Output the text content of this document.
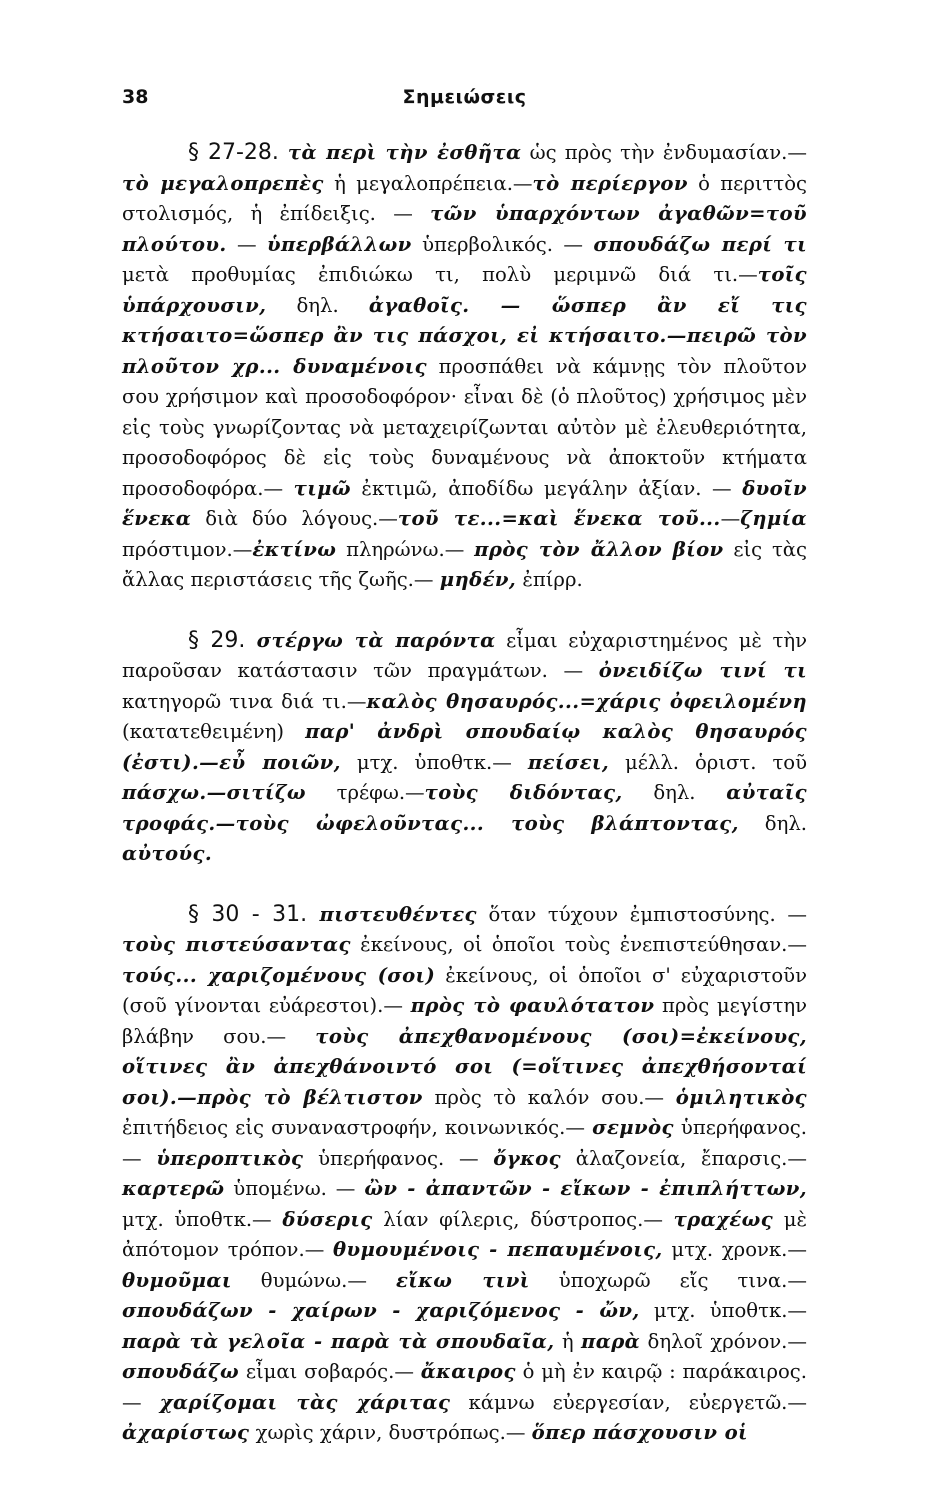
38	Σημειώσεις

§ 27-28. τὰ περὶ τὴν ἐσθῆτα ὡς πρὸς τὴν ἐνδυμασίαν.—τὸ μεγαλοπρεπὲς ἡ μεγαλοπρέπεια.—τὸ περίεργον ὁ περιττὸς στολισμός, ἡ ἐπίδειξις. — τῶν ὑπαρχόντων ἀγαθῶν=τοῦ πλούτου. — ὑπερβάλλων ὑπερβολικός. — σπουδάζω περί τι μετὰ προθυμίας ἐπιδιώκω τι, πολὺ μεριμνῶ διά τι.—τοῖς ὑπάρχουσιν, δηλ. ἀγαθοῖς. — ὥσπερ ἂν εἴ τις κτήσαιτο=ὥσπερ ἂν τις πάσχοι, εἰ κτήσαιτο.—πειρῶ τὸν πλοῦτον χρ... δυναμένοις προσπάθει νὰ κάμνῃς τὸν πλοῦτον σου χρήσιμον καὶ προσοδοφόρον· εἶναι δὲ (ὁ πλοῦτος) χρήσιμος μὲν εἰς τοὺς γνωρίζοντας νὰ μεταχειρίζωνται αὐτὸν μὲ ἐλευθεριότητα, προσοδοφόρος δὲ εἰς τοὺς δυναμένους νὰ ἀποκτοῦν κτήματα προσοδοφόρα.— τιμῶ ἐκτιμῶ, ἀποδίδω μεγάλην ἀξίαν. — δυοῖν ἕνεκα διὰ δύο λόγους.—τοῦ τε...=καὶ ἕνεκα τοῦ...—ζημία πρόστιμον.—ἐκτίνω πληρώνω.— πρὸς τὸν ἄλλον βίον εἰς τὰς ἄλλας περιστάσεις τῆς ζωῆς.— μηδέν, ἐπίρρ.

§ 29. στέργω τὰ παρόντα εἶμαι εὐχαριστημένος μὲ τὴν παροῦσαν κατάστασιν τῶν πραγμάτων. — ὀνειδίζω τινί τι κατηγορῶ τινα διά τι.—καλὸς θησαυρός...=χάρις ὀφειλομένη (κατατεθειμένη) παρ' ἀνδρὶ σπουδαίῳ καλὸς θησαυρός (ἐστι).—εὖ ποιῶν, μτχ. ὑποθτκ.— πείσει, μέλλ. ὁριστ. τοῦ πάσχω.—σιτίζω τρέφω.—τοὺς διδόντας, δηλ. αὐταῖς τροφάς.—τοὺς ὠφελοῦντας... τοὺς βλάπτοντας, δηλ. αὐτούς.

§ 30 - 31. πιστευθέντες ὅταν τύχουν ἐμπιστοσύνης. — τοὺς πιστεύσαντας ἐκείνους, οἱ ὁποῖοι τοὺς ἐνεπιστεύθησαν.—τούς... χαριζομένους (σοι) ἐκείνους, οἱ ὁποῖοι σ' εὐχαριστοῦν (σοῦ γίνονται εὐάρεστοι).— πρὸς τὸ φαυλότατον πρὸς μεγίστην βλάβην σου.— τοὺς ἀπεχθανομένους (σοι)=ἐκείνους, οἵτινες ἂν ἀπεχθάνοιντό σοι (=οἵτινες ἀπεχθήσονταί σοι).—πρὸς τὸ βέλτιστον πρὸς τὸ καλόν σου.— ὁμιλητικὸς ἐπιτήδειος εἰς συναναστροφήν, κοινωνικός.— σεμνὸς ὑπερήφανος. — ὑπεροπτικὸς ὑπερήφανος. — ὄγκος ἀλαζονεία, ἔπαρσις.— καρτερῶ ὑπομένω. — ὢν - ἀπαντῶν - εἴκων - ἐπιπλήττων, μτχ. ὑποθτκ.— δύσερις λίαν φίλερις, δύστροπος.— τραχέως μὲ ἀπότομον τρόπον.— θυμουμένοις - πεπαυμένοις, μτχ. χρονκ.— θυμοῦμαι θυμώνω.— εἴκω τινὶ ὑποχωρῶ εἴς τινα.— σπουδάζων - χαίρων - χαριζόμενος - ὤν, μτχ. ὑποθτκ.— παρὰ τὰ γελοῖα - παρὰ τὰ σπουδαῖα, ἡ παρὰ δηλοῖ χρόνον.— σπουδάζω εἶμαι σοβαρός.— ἄκαιρος ὁ μὴ ἐν καιρῷ : παράκαιρος.— χαρίζομαι τὰς χάριτας κάμνω εὐεργεσίαν, εὐεργετῶ.— ἀχαρίστως χωρὶς χάριν, δυστρόπως.— ὅπερ πάσχουσιν οἱ
